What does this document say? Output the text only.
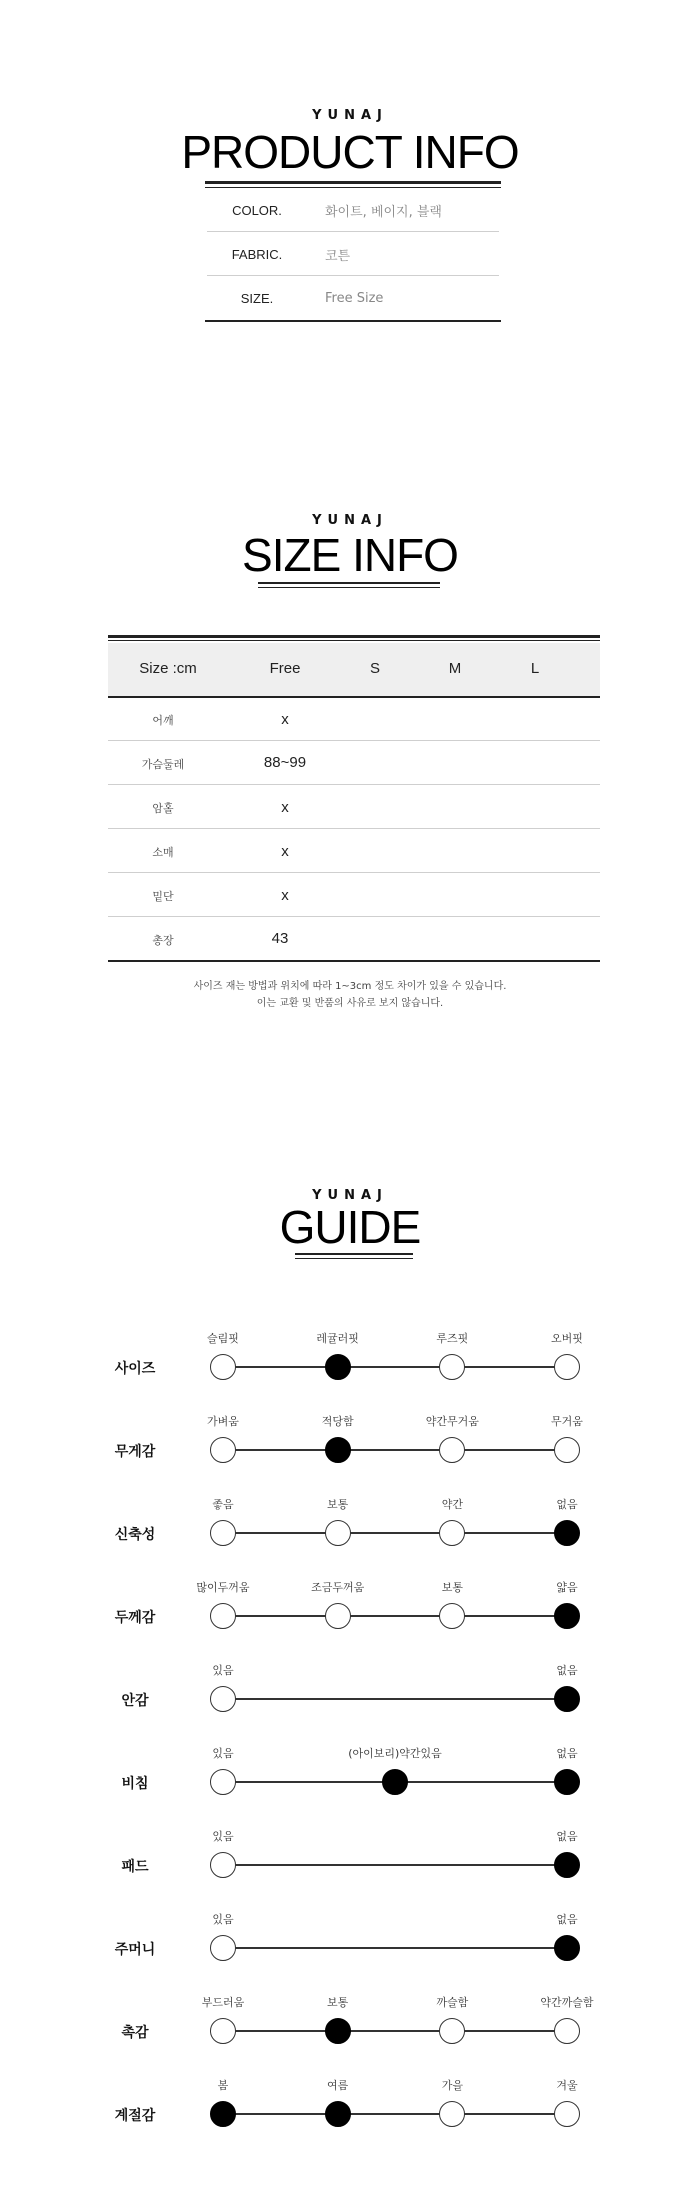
YUNAJ
PRODUCT INFO
COLOR.	화이트, 베이지, 블랙
FABRIC.	코튼
SIZE.	Free Size
YUNAJ
SIZE INFO
Size :cm	Free	S	M	L
어깨	x
가슴둘레	88~99
암홀	x
소매	x
밑단	x
총장	43
사이즈 재는 방법과 위치에 따라 1~3cm 정도 차이가 있을 수 있습니다.
이는 교환 및 반품의 사유로 보지 않습니다.
YUNAJ
GUIDE
사이즈
슬림핏	레귤러핏	루즈핏	오버핏
무게감
가벼움	적당함	약간무거움	무거움
신축성
좋음	보통	약간	없음
두께감
많이두꺼움	조금두꺼움	보통	얇음
안감
있음	없음
비침
있음	(아이보리)약간있음	없음
패드
있음	없음
주머니
있음	없음
촉감
부드러움	보통	까슬함	약간까슬함
계절감
봄	여름	가을	겨울
